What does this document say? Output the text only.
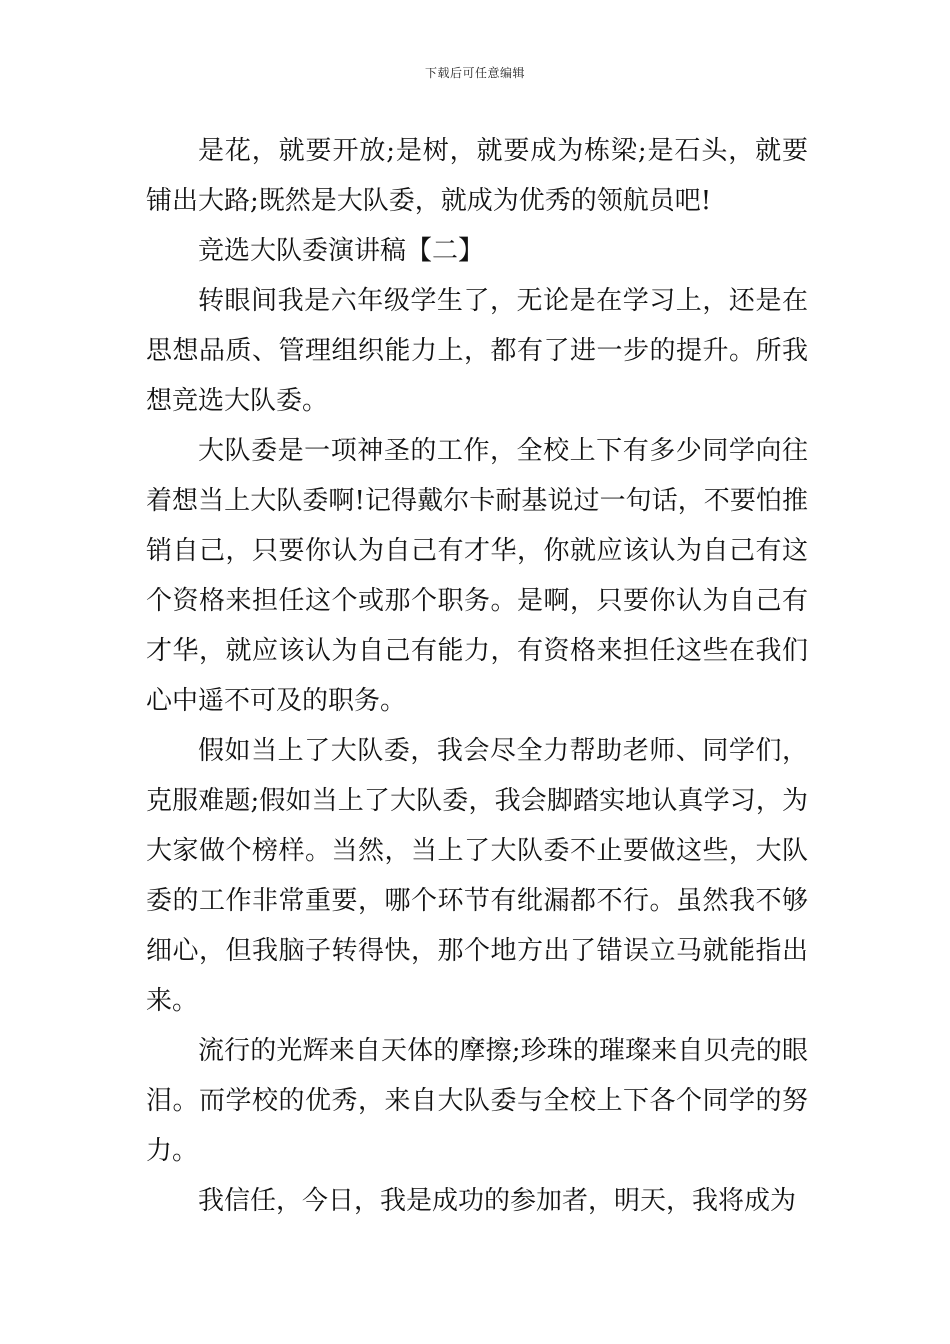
下载后可任意编辑

是花，就要开放;是树，就要成为栋梁;是石头，就要铺出大路;既然是大队委，就成为优秀的领航员吧!

竞选大队委演讲稿【二】

转眼间我是六年级学生了，无论是在学习上，还是在思想品质、管理组织能力上，都有了进一步的提升。所我想竞选大队委。

大队委是一项神圣的工作，全校上下有多少同学向往着想当上大队委啊!记得戴尔卡耐基说过一句话，不要怕推销自己，只要你认为自己有才华，你就应该认为自己有这个资格来担任这个或那个职务。是啊，只要你认为自己有才华，就应该认为自己有能力，有资格来担任这些在我们心中遥不可及的职务。

假如当上了大队委，我会尽全力帮助老师、同学们，克服难题;假如当上了大队委，我会脚踏实地认真学习，为大家做个榜样。当然，当上了大队委不止要做这些，大队委的工作非常重要，哪个环节有纰漏都不行。虽然我不够细心，但我脑子转得快，那个地方出了错误立马就能指出来。

流行的光辉来自天体的摩擦;珍珠的璀璨来自贝壳的眼泪。而学校的优秀，来自大队委与全校上下各个同学的努力。

我信任，今日，我是成功的参加者，明天，我将成为
